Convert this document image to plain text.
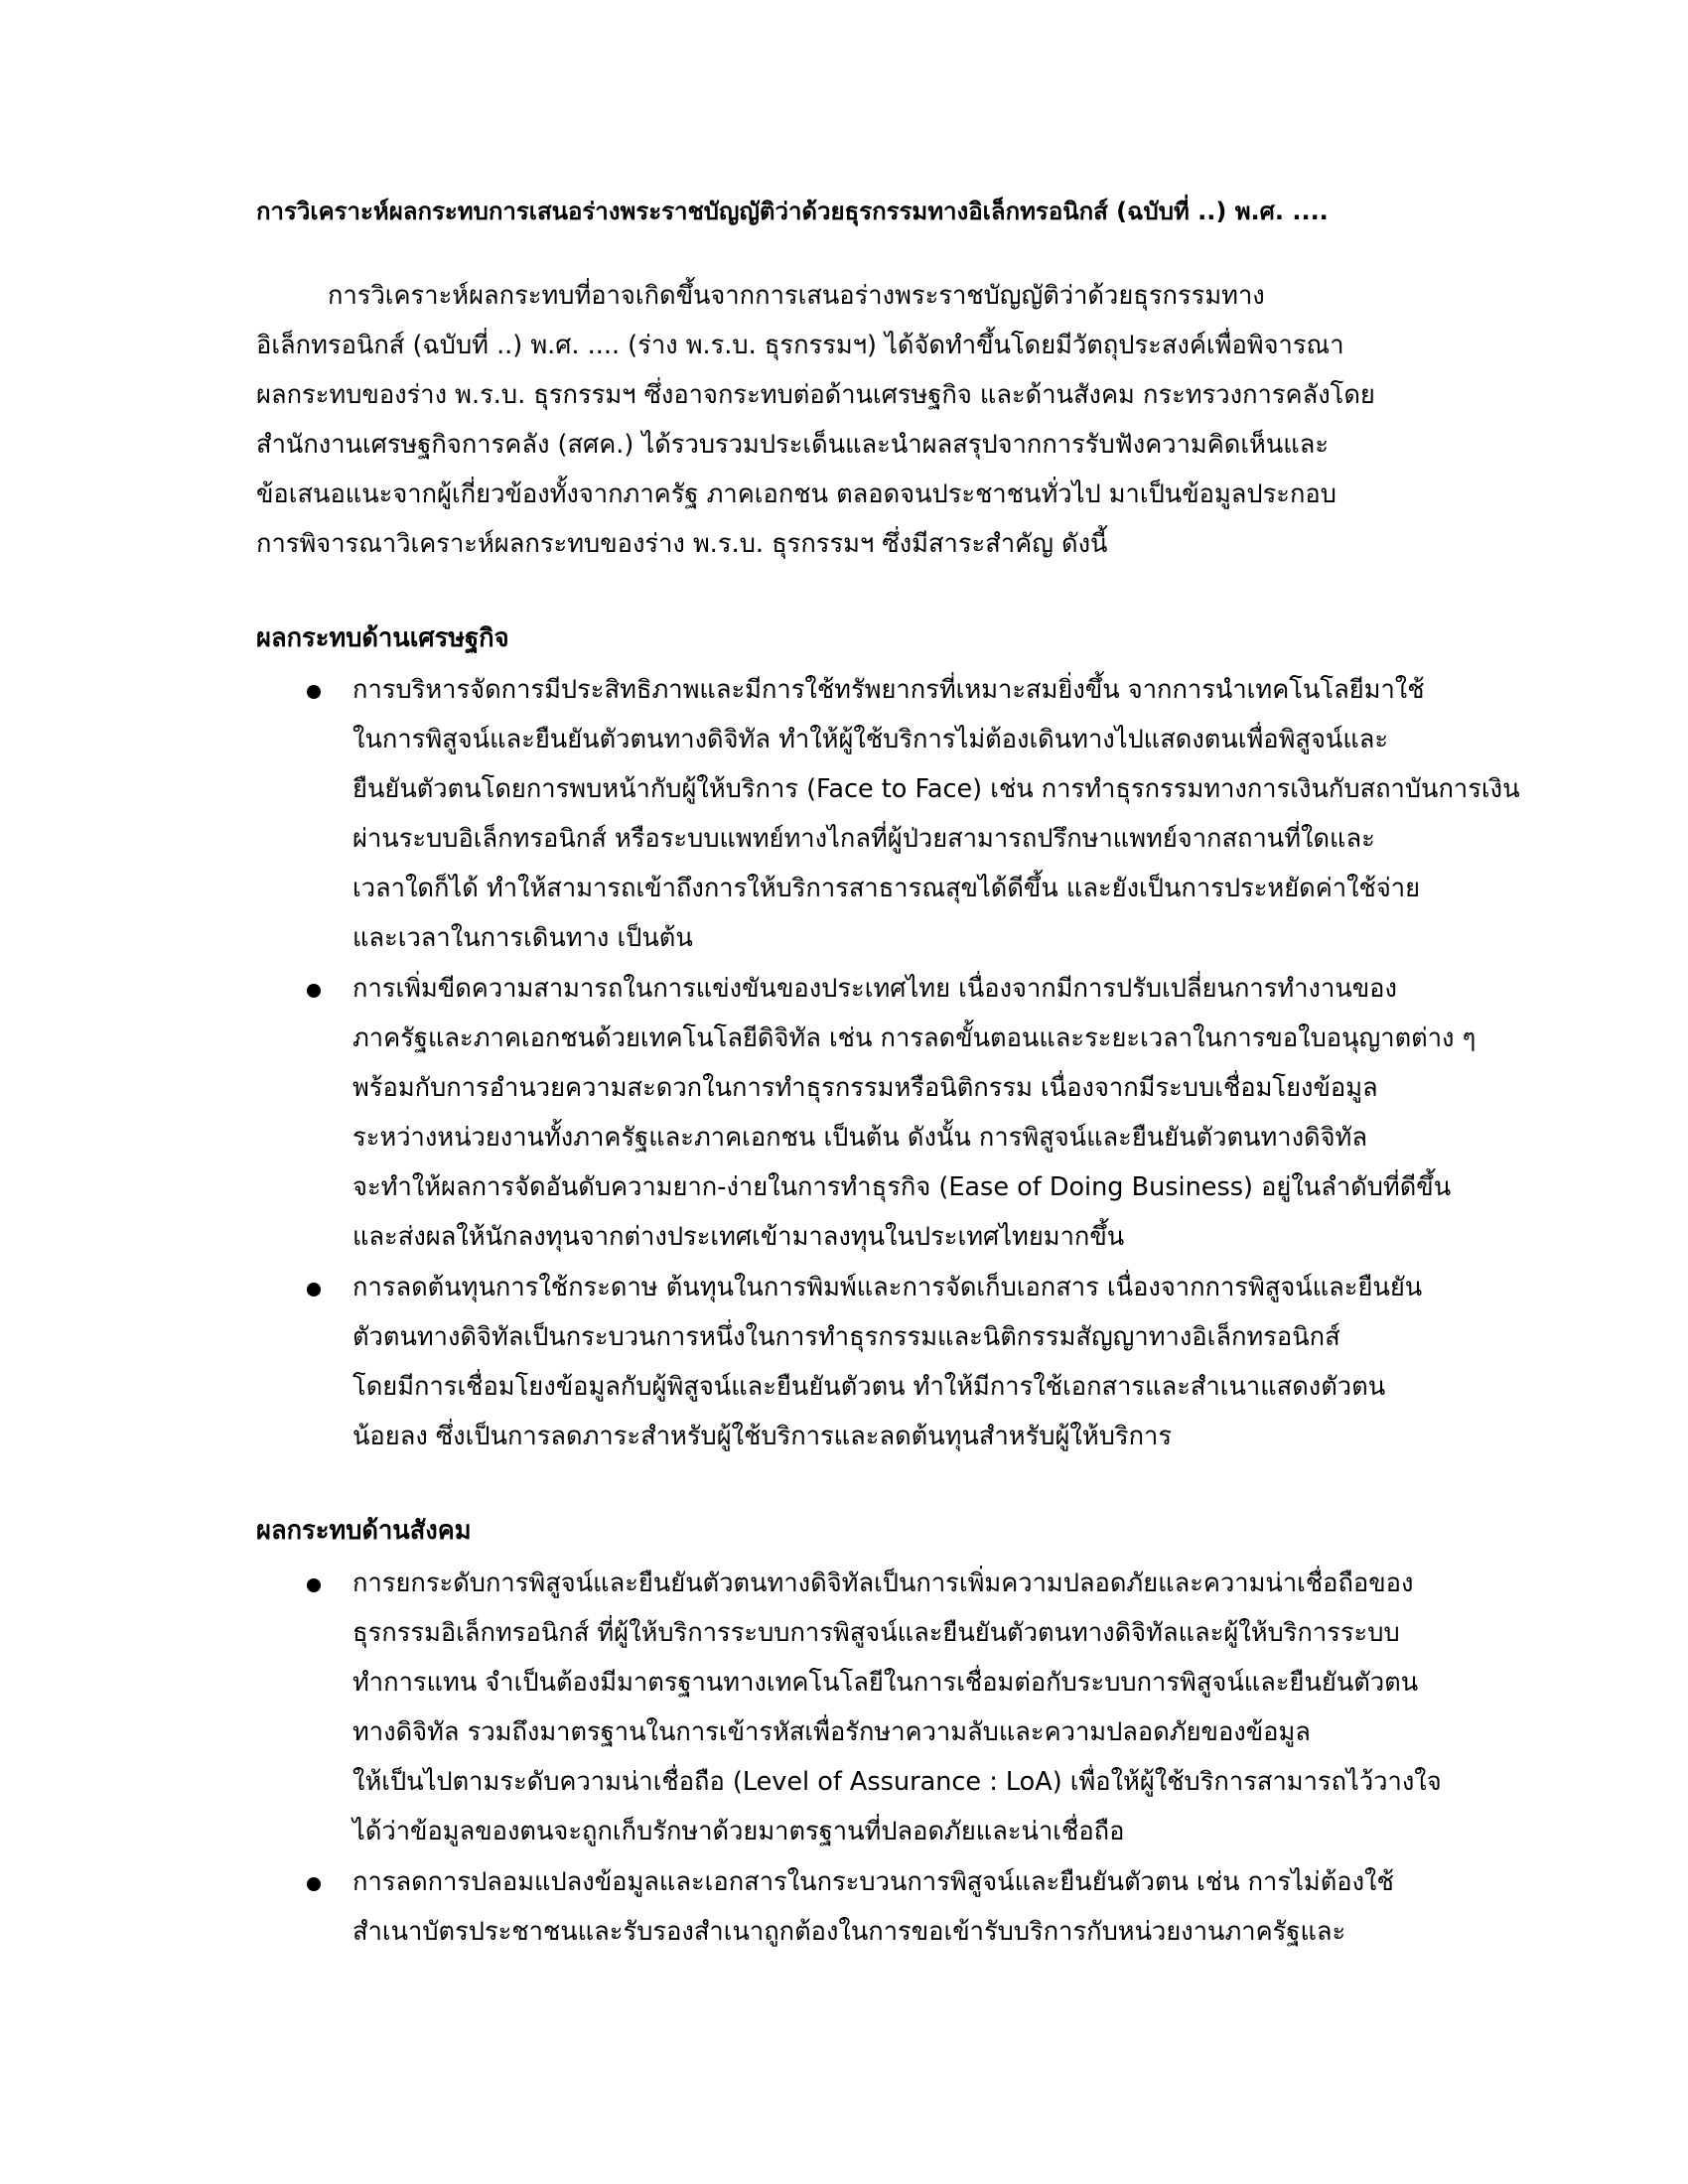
การวิเคราะห์ผลกระทบการเสนอร่างพระราชบัญญัติว่าด้วยธุรกรรมทางอิเล็กทรอนิกส์ (ฉบับที่ ..) พ.ศ. ....
การวิเคราะห์ผลกระทบที่อาจเกิดขึ้นจากการเสนอร่างพระราชบัญญัติว่าด้วยธุรกรรมทาง
อิเล็กทรอนิกส์ (ฉบับที่ ..) พ.ศ. .... (ร่าง พ.ร.บ. ธุรกรรมฯ) ได้จัดทำขึ้นโดยมีวัตถุประสงค์เพื่อพิจารณา
ผลกระทบของร่าง พ.ร.บ. ธุรกรรมฯ ซึ่งอาจกระทบต่อด้านเศรษฐกิจ และด้านสังคม กระทรวงการคลังโดย
สำนักงานเศรษฐกิจการคลัง (สศค.) ได้รวบรวมประเด็นและนำผลสรุปจากการรับฟังความคิดเห็นและ
ข้อเสนอแนะจากผู้เกี่ยวข้องทั้งจากภาครัฐ ภาคเอกชน ตลอดจนประชาชนทั่วไป มาเป็นข้อมูลประกอบ
การพิจารณาวิเคราะห์ผลกระทบของร่าง พ.ร.บ. ธุรกรรมฯ ซึ่งมีสาระสำคัญ ดังนี้
ผลกระทบด้านเศรษฐกิจ
การบริหารจัดการมีประสิทธิภาพและมีการใช้ทรัพยากรที่เหมาะสมยิ่งขึ้น จากการนำเทคโนโลยีมาใช้
ในการพิสูจน์และยืนยันตัวตนทางดิจิทัล ทำให้ผู้ใช้บริการไม่ต้องเดินทางไปแสดงตนเพื่อพิสูจน์และ
ยืนยันตัวตนโดยการพบหน้ากับผู้ให้บริการ (Face to Face) เช่น การทำธุรกรรมทางการเงินกับสถาบันการเงิน
ผ่านระบบอิเล็กทรอนิกส์ หรือระบบแพทย์ทางไกลที่ผู้ป่วยสามารถปรึกษาแพทย์จากสถานที่ใดและ
เวลาใดก็ได้ ทำให้สามารถเข้าถึงการให้บริการสาธารณสุขได้ดีขึ้น และยังเป็นการประหยัดค่าใช้จ่าย
และเวลาในการเดินทาง เป็นต้น
การเพิ่มขีดความสามารถในการแข่งขันของประเทศไทย เนื่องจากมีการปรับเปลี่ยนการทำงานของ
ภาครัฐและภาคเอกชนด้วยเทคโนโลยีดิจิทัล เช่น การลดขั้นตอนและระยะเวลาในการขอใบอนุญาตต่าง ๆ
พร้อมกับการอำนวยความสะดวกในการทำธุรกรรมหรือนิติกรรม เนื่องจากมีระบบเชื่อมโยงข้อมูล
ระหว่างหน่วยงานทั้งภาครัฐและภาคเอกชน เป็นต้น ดังนั้น การพิสูจน์และยืนยันตัวตนทางดิจิทัล
จะทำให้ผลการจัดอันดับความยาก-ง่ายในการทำธุรกิจ (Ease of Doing Business) อยู่ในลำดับที่ดีขึ้น
และส่งผลให้นักลงทุนจากต่างประเทศเข้ามาลงทุนในประเทศไทยมากขึ้น
การลดต้นทุนการใช้กระดาษ ต้นทุนในการพิมพ์และการจัดเก็บเอกสาร เนื่องจากการพิสูจน์และยืนยัน
ตัวตนทางดิจิทัลเป็นกระบวนการหนึ่งในการทำธุรกรรมและนิติกรรมสัญญาทางอิเล็กทรอนิกส์
โดยมีการเชื่อมโยงข้อมูลกับผู้พิสูจน์และยืนยันตัวตน ทำให้มีการใช้เอกสารและสำเนาแสดงตัวตน
น้อยลง ซึ่งเป็นการลดภาระสำหรับผู้ใช้บริการและลดต้นทุนสำหรับผู้ให้บริการ
ผลกระทบด้านสังคม
การยกระดับการพิสูจน์และยืนยันตัวตนทางดิจิทัลเป็นการเพิ่มความปลอดภัยและความน่าเชื่อถือของ
ธุรกรรมอิเล็กทรอนิกส์ ที่ผู้ให้บริการระบบการพิสูจน์และยืนยันตัวตนทางดิจิทัลและผู้ให้บริการระบบ
ทำการแทน จำเป็นต้องมีมาตรฐานทางเทคโนโลยีในการเชื่อมต่อกับระบบการพิสูจน์และยืนยันตัวตน
ทางดิจิทัล รวมถึงมาตรฐานในการเข้ารหัสเพื่อรักษาความลับและความปลอดภัยของข้อมูล
ให้เป็นไปตามระดับความน่าเชื่อถือ (Level of Assurance : LoA) เพื่อให้ผู้ใช้บริการสามารถไว้วางใจ
ได้ว่าข้อมูลของตนจะถูกเก็บรักษาด้วยมาตรฐานที่ปลอดภัยและน่าเชื่อถือ
การลดการปลอมแปลงข้อมูลและเอกสารในกระบวนการพิสูจน์และยืนยันตัวตน เช่น การไม่ต้องใช้
สำเนาบัตรประชาชนและรับรองสำเนาถูกต้องในการขอเข้ารับบริการกับหน่วยงานภาครัฐและ
